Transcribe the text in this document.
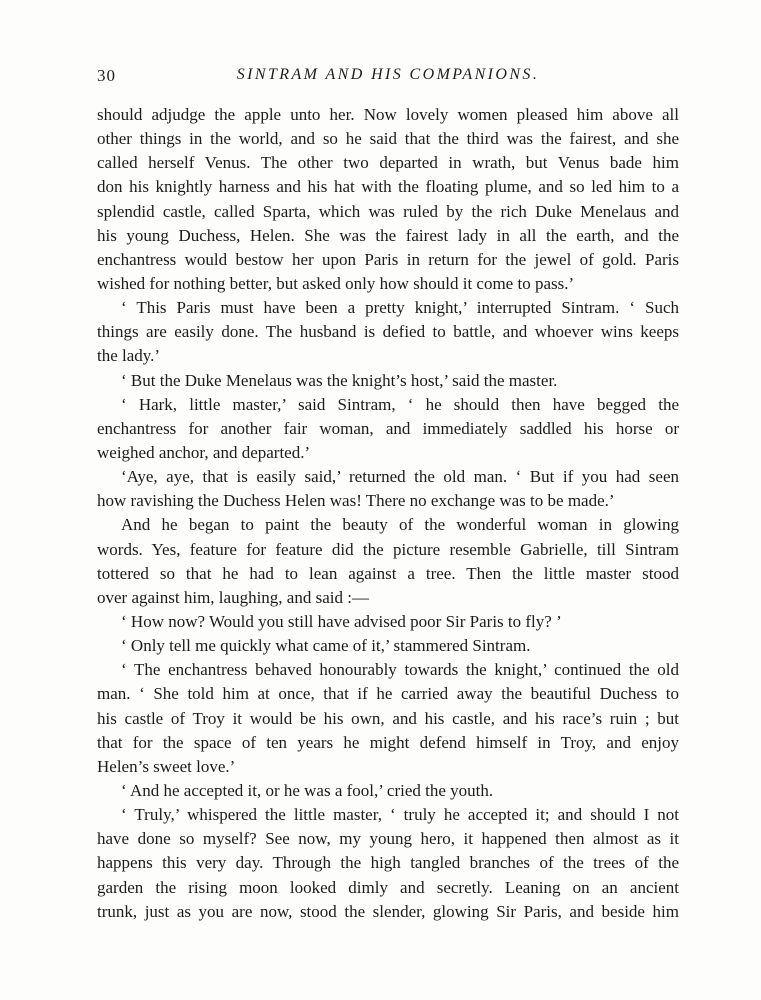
30	SINTRAM AND HIS COMPANIONS.
should adjudge the apple unto her. Now lovely women pleased him above all
other things in the world, and so he said that the third was the fairest, and she
called herself Venus. The other two departed in wrath, but Venus bade him
don his knightly harness and his hat with the floating plume, and so led him to a
splendid castle, called Sparta, which was ruled by the rich Duke Menelaus and
his young Duchess, Helen. She was the fairest lady in all the earth, and the
enchantress would bestow her upon Paris in return for the jewel of gold. Paris
wished for nothing better, but asked only how should it come to pass.’
‘ This Paris must have been a pretty knight,’ interrupted Sintram. ‘ Such
things are easily done. The husband is defied to battle, and whoever wins keeps
the lady.’
‘ But the Duke Menelaus was the knight’s host,’ said the master.
‘ Hark, little master,’ said Sintram, ‘ he should then have begged the
enchantress for another fair woman, and immediately saddled his horse or
weighed anchor, and departed.’
‘Aye, aye, that is easily said,’ returned the old man. ‘ But if you had seen
how ravishing the Duchess Helen was! There no exchange was to be made.’
And he began to paint the beauty of the wonderful woman in glowing
words. Yes, feature for feature did the picture resemble Gabrielle, till Sintram
tottered so that he had to lean against a tree. Then the little master stood
over against him, laughing, and said :—
‘ How now? Would you still have advised poor Sir Paris to fly? ’
‘ Only tell me quickly what came of it,’ stammered Sintram.
‘ The enchantress behaved honourably towards the knight,’ continued the old
man. ‘ She told him at once, that if he carried away the beautiful Duchess to
his castle of Troy it would be his own, and his castle, and his race’s ruin ; but
that for the space of ten years he might defend himself in Troy, and enjoy
Helen’s sweet love.’
‘ And he accepted it, or he was a fool,’ cried the youth.
‘ Truly,’ whispered the little master, ‘ truly he accepted it; and should I not
have done so myself? See now, my young hero, it happened then almost as it
happens this very day. Through the high tangled branches of the trees of the
garden the rising moon looked dimly and secretly. Leaning on an ancient
trunk, just as you are now, stood the slender, glowing Sir Paris, and beside him
